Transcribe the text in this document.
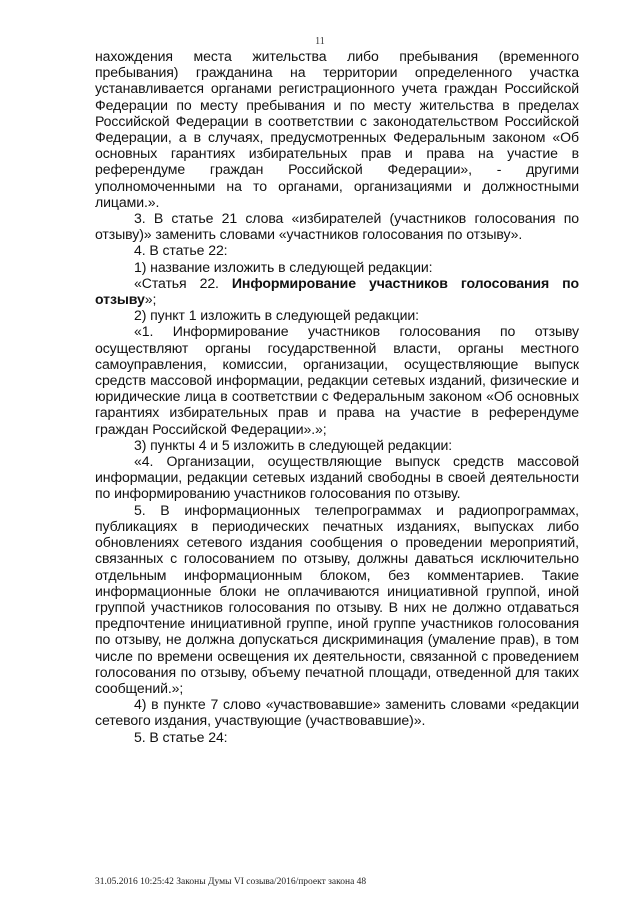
11

нахождения места жительства либо пребывания (временного пребывания) гражданина на территории определенного участка устанавливается органами регистрационного учета граждан Российской Федерации по месту пребывания и по месту жительства в пределах Российской Федерации в соответствии с законодательством Российской Федерации, а в случаях, предусмотренных Федеральным законом «Об основных гарантиях избирательных прав и права на участие в референдуме граждан Российской Федерации», - другими уполномоченными на то органами, организациями и должностными лицами.».

3. В статье 21 слова «избирателей (участников голосования по отзыву)» заменить словами «участников голосования по отзыву».

4. В статье 22:

1) название изложить в следующей редакции:

«Статья 22. Информирование участников голосования по отзыву»;

2) пункт 1 изложить в следующей редакции:

«1. Информирование участников голосования по отзыву осуществляют органы государственной власти, органы местного самоуправления, комиссии, организации, осуществляющие выпуск средств массовой информации, редакции сетевых изданий, физические и юридические лица в соответствии с Федеральным законом «Об основных гарантиях избирательных прав и права на участие в референдуме граждан Российской Федерации».»;

3) пункты 4 и 5 изложить в следующей редакции:

«4. Организации, осуществляющие выпуск средств массовой информации, редакции сетевых изданий свободны в своей деятельности по информированию участников голосования по отзыву.

5. В информационных телепрограммах и радиопрограммах, публикациях в периодических печатных изданиях, выпусках либо обновлениях сетевого издания сообщения о проведении мероприятий, связанных с голосованием по отзыву, должны даваться исключительно отдельным информационным блоком, без комментариев. Такие информационные блоки не оплачиваются инициативной группой, иной группой участников голосования по отзыву. В них не должно отдаваться предпочтение инициативной группе, иной группе участников голосования по отзыву, не должна допускаться дискриминация (умаление прав), в том числе по времени освещения их деятельности, связанной с проведением голосования по отзыву, объему печатной площади, отведенной для таких сообщений.»;

4) в пункте 7 слово «участвовавшие» заменить словами «редакции сетевого издания, участвующие (участвовавшие)».

5. В статье 24:

31.05.2016 10:25:42 Законы Думы VI созыва/2016/проект закона 48
